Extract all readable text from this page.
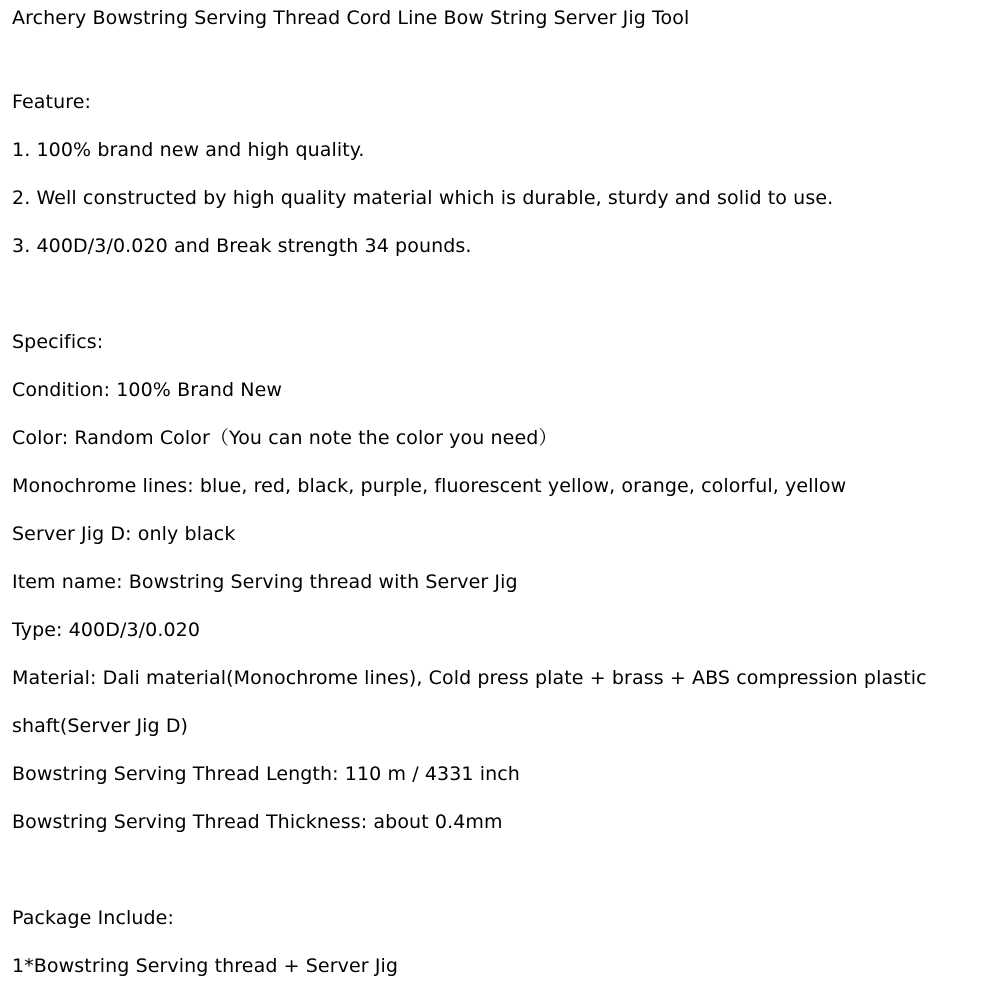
Archery Bowstring Serving Thread Cord Line Bow String Server Jig Tool
Feature:
1. 100% brand new and high quality.
2. Well constructed by high quality material which is durable, sturdy and solid to use.
3. 400D/3/0.020 and Break strength 34 pounds.
Specifics:
Condition: 100% Brand New
Color: Random Color（You can note the color you need）
Monochrome lines: blue, red, black, purple, fluorescent yellow, orange, colorful, yellow
Server Jig D: only black
Item name: Bowstring Serving thread with Server Jig
Type: 400D/3/0.020
Material: Dali material(Monochrome lines), Cold press plate + brass + ABS compression plastic
shaft(Server Jig D)
Bowstring Serving Thread Length: 110 m / 4331 inch
Bowstring Serving Thread Thickness: about 0.4mm
Package Include:
1*Bowstring Serving thread + Server Jig
